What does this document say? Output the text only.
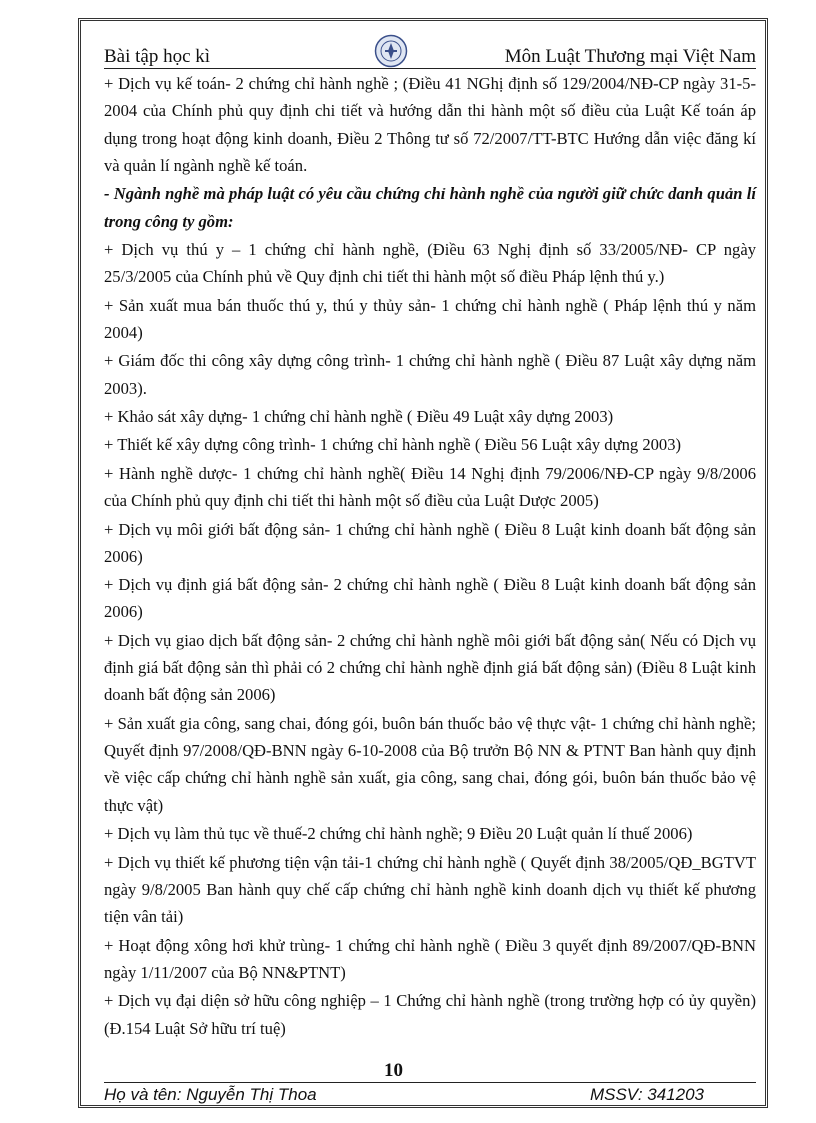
Bài tập học kì	Môn Luật Thương mại Việt Nam

+ Dịch vụ kế toán- 2 chứng chỉ hành nghề ; (Điều 41 NGhị định số 129/2004/NĐ-CP ngày 31-5-2004 của Chính phủ quy định chi tiết và hướng dẫn thi hành một số điều của Luật Kế toán áp dụng trong hoạt động kinh doanh, Điều 2 Thông tư số 72/2007/TT-BTC Hướng dẫn việc đăng kí và quản lí ngành nghề kế toán.

- Ngành nghề mà pháp luật có yêu cầu chứng chỉ hành nghề của người giữ chức danh quản lí trong công ty gồm:

+ Dịch vụ thú y – 1 chứng chỉ hành nghề, (Điều 63 Nghị định số 33/2005/NĐ- CP ngày 25/3/2005 của Chính phủ về Quy định chi tiết thi hành một số điều Pháp lệnh thú y.)

+ Sản xuất mua bán thuốc thú y, thú y thủy sản- 1 chứng chỉ hành nghề ( Pháp lệnh thú y năm 2004)

+ Giám đốc thi công xây dựng công trình- 1 chứng chỉ hành nghề ( Điều 87 Luật xây dựng năm 2003).

+ Khảo sát xây dựng- 1 chứng chỉ hành nghề ( Điều 49 Luật xây dựng 2003)

+ Thiết kế xây dựng công trình- 1 chứng chỉ hành nghề ( Điều 56 Luật xây dựng 2003)

+ Hành nghề dược- 1 chứng chỉ hành nghề( Điều 14 Nghị định 79/2006/NĐ-CP ngày 9/8/2006 của Chính phủ quy định chi tiết thi hành một số điều của Luật Dược 2005)

+ Dịch vụ môi giới bất động sản- 1 chứng chỉ hành nghề ( Điều 8 Luật kinh doanh bất động sản 2006)

+ Dịch vụ định giá bất động sản- 2 chứng chỉ hành nghề ( Điều 8 Luật kinh doanh bất động sản 2006)

+ Dịch vụ giao dịch bất động sản- 2 chứng chỉ hành nghề môi giới bất động sản( Nếu có Dịch vụ định giá bất động sản thì phải có 2 chứng chỉ hành nghề định giá bất động sản) (Điều 8 Luật kinh doanh bất động sản 2006)

+ Sản xuất gia công, sang chai, đóng gói, buôn bán thuốc bảo vệ thực vật- 1 chứng chỉ hành nghề; Quyết định 97/2008/QĐ-BNN ngày 6-10-2008 của Bộ trưởn Bộ NN & PTNT Ban hành quy định về việc cấp chứng chỉ hành nghề sản xuất, gia công, sang chai, đóng gói, buôn bán thuốc bảo vệ thực vật)

+ Dịch vụ làm thủ tục về thuế-2 chứng chỉ hành nghề; 9 Điều 20 Luật quản lí thuế 2006)

+ Dịch vụ thiết kế phương tiện vận tải-1 chứng chỉ hành nghề ( Quyết định 38/2005/QĐ_BGTVT ngày 9/8/2005 Ban hành quy chế cấp chứng chỉ hành nghề kinh doanh dịch vụ thiết kế phương tiện vân tải)

+ Hoạt động xông hơi khử trùng- 1 chứng chỉ hành nghề ( Điều 3 quyết định 89/2007/QĐ-BNN ngày 1/11/2007 của Bộ NN&PTNT)

+ Dịch vụ đại diện sở hữu công nghiệp – 1 Chứng chỉ hành nghề (trong trường hợp có ủy quyền) (Đ.154 Luật Sở hữu trí tuệ)

10
Họ và tên: Nguyễn Thị Thoa	MSSV: 341203
